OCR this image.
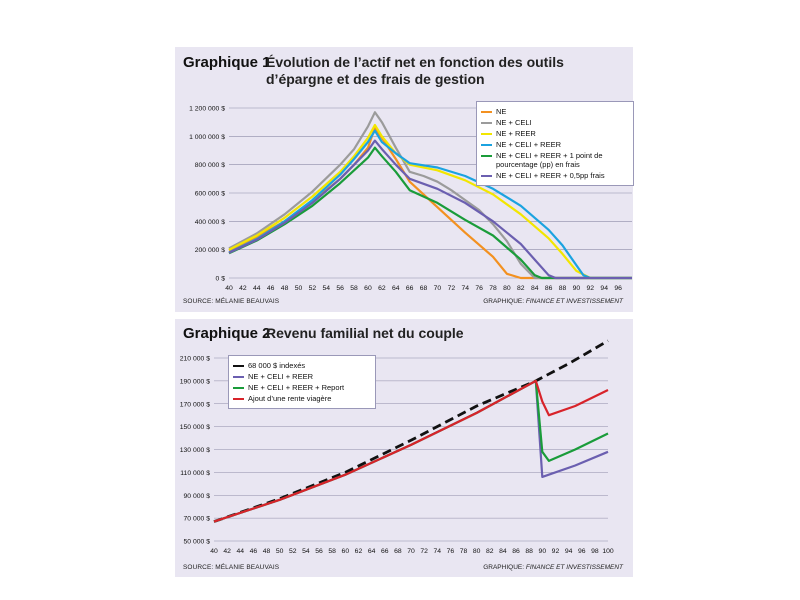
Graphique 1
Évolution de l’actif net en fonction des outils d’épargne et des frais de gestion
1 200 000 $
1 000 000 $
800 000 $
600 000 $
400 000 $
200 000 $
0 $
40 42 44 46 48 50 52 54 56 58 60 62 64 66 68 70 72 74 76 78 80 82 84 86 88 90 92 94 96
NE
NE + CELI
NE + REER
NE + CELI + REER
NE + CELI + REER + 1 point de pourcentage (pp) en frais
NE + CELI + REER + 0,5pp frais
SOURCE: MÉLANIE BEAUVAIS	GRAPHIQUE: FINANCE ET INVESTISSEMENT
Graphique 2
Revenu familial net du couple
210 000 $
190 000 $
170 000 $
150 000 $
130 000 $
110 000 $
90 000 $
70 000 $
50 000 $
40 42 44 46 48 50 52 54 56 58 60 62 64 66 68 70 72 74 76 78 80 82 84 86 88 90 92 94 96 98 100
68 000 $ indexés
NE + CELI + REER
NE + CELI + REER + Report
Ajout d’une rente viagère
SOURCE: MÉLANIE BEAUVAIS	GRAPHIQUE: FINANCE ET INVESTISSEMENT
